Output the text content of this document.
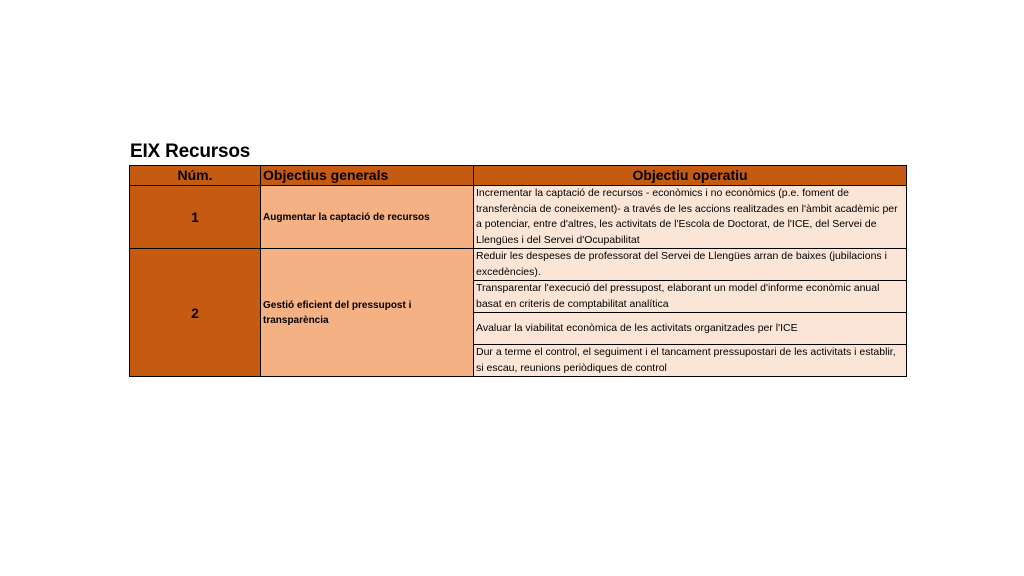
EIX Recursos
Núm.	Objectius generals	Objectiu operatiu
1	Augmentar la captació de recursos	Incrementar la captació de recursos - econòmics i no econòmics (p.e. foment de transferència de coneixement)- a través de les accions realitzades en l'àmbit acadèmic per a potenciar, entre d'altres, les activitats de l'Escola de Doctorat, de l'ICE, del Servei de Llengües i del Servei d'Ocupabilitat
2	Gestió eficient del pressupost i transparència	Reduir les despeses de professorat del Servei de Llengües arran de baixes (jubilacions i excedències).
		Transparentar l'execució del pressupost, elaborant un model d'informe econòmic anual basat en criteris de comptabilitat analítica
		Avaluar la viabilitat econòmica de les activitats organitzades per l'ICE
		Dur a terme el control, el seguiment i el tancament pressupostari de les activitats i establir, si escau, reunions periòdiques de control
